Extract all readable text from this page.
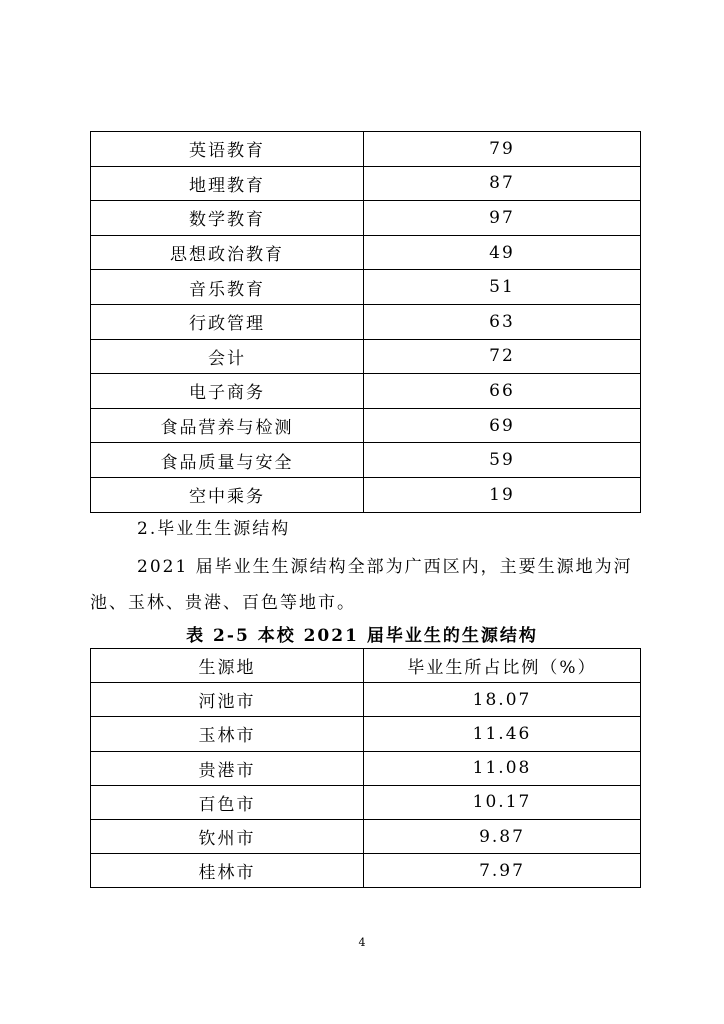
英语教育	79
地理教育	87
数学教育	97
思想政治教育	49
音乐教育	51
行政管理	63
会计	72
电子商务	66
食品营养与检测	69
食品质量与安全	59
空中乘务	19
2.毕业生生源结构
2021 届毕业生生源结构全部为广西区内，主要生源地为河
池、玉林、贵港、百色等地市。
表 2-5 本校 2021 届毕业生的生源结构
生源地	毕业生所占比例（%）
河池市	18.07
玉林市	11.46
贵港市	11.08
百色市	10.17
钦州市	9.87
桂林市	7.97
4
